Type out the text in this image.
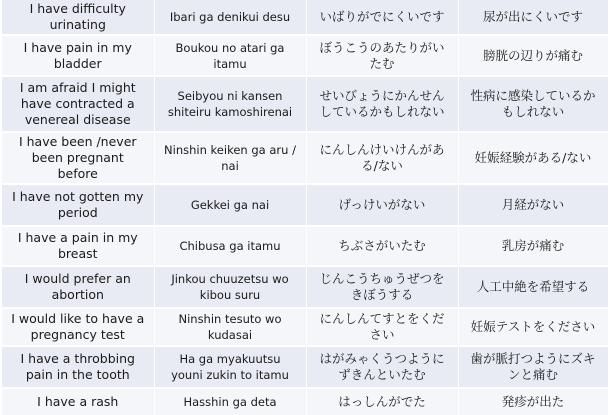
I have difficulty urinating	Ibari ga denikui desu	いばりがでにくいです	尿が出にくいです
I have pain in my bladder	Boukou no atari ga itamu	ぼうこうのあたりがいたむ	膀胱の辺りが痛む
I am afraid I might have contracted a venereal disease	Seibyou ni kansen shiteiru kamoshirenai	せいびょうにかんせんしているかもしれない	性病に感染しているかもしれない
I have been /never been pregnant before	Ninshin keiken ga aru / nai	にんしんけいけんがある/ない	妊娠経験がある/ない
I have not gotten my period	Gekkei ga nai	げっけいがない	月経がない
I have a pain in my breast	Chibusa ga itamu	ちぶさがいたむ	乳房が痛む
I would prefer an abortion	Jinkou chuuzetsu wo kibou suru	じんこうちゅうぜつをきぼうする	人工中絶を希望する
I would like to have a pregnancy test	Ninshin tesuto wo kudasai	にんしんてすとをください	妊娠テストをください
I have a throbbing pain in the tooth	Ha ga myakuutsu youni zukin to itamu	はがみゃくうつようにずきんといたむ	歯が脈打つようにズキンと痛む
I have a rash	Hasshin ga deta	はっしんがでた	発疹が出た
